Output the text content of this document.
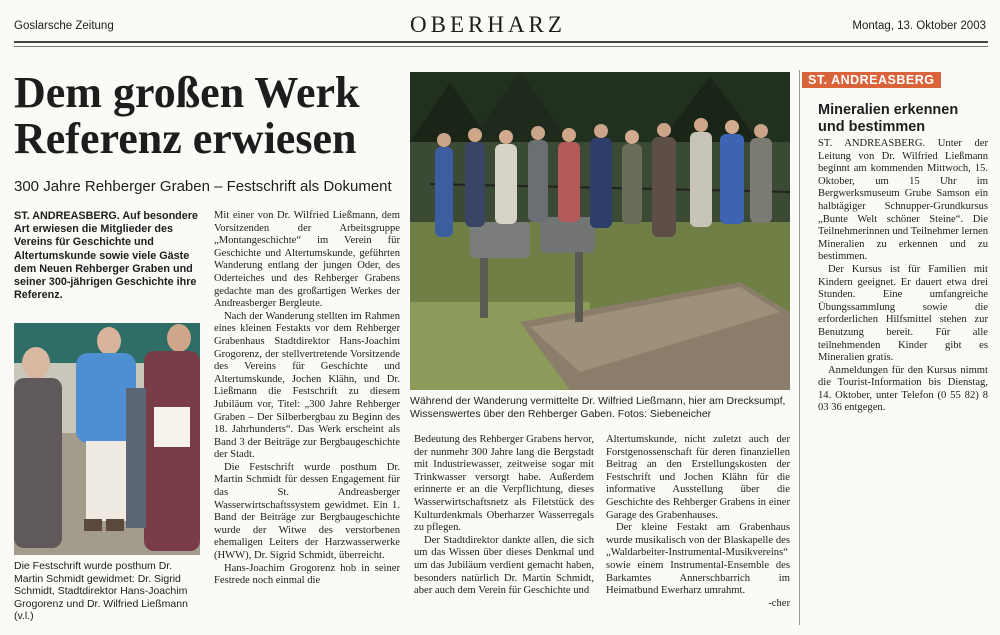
Goslarsche Zeitung	OBERHARZ	Montag, 13. Oktober 2003
Dem großen Werk Referenz erwiesen
300 Jahre Rehberger Graben – Festschrift als Dokument
ST. ANDREASBERG. Auf besondere Art erwiesen die Mitglieder des Vereins für Geschichte und Altertumskunde sowie viele Gäste dem Neuen Rehberger Graben und seiner 300-jährigen Geschichte ihre Referenz.
Die Festschrift wurde posthum Dr. Martin Schmidt gewidmet: Dr. Sigrid Schmidt, Stadtdirektor Hans-Joachim Grogorenz und Dr. Wilfried Ließmann (v.l.)

Mit einer von Dr. Wilfried Ließmann, dem Vorsitzenden der Arbeitsgruppe „Montangeschichte“ im Verein für Geschichte und Altertumskunde, geführten Wanderung entlang der jungen Oder, des Oderteiches und des Rehberger Grabens gedachte man des großartigen Werkes der Andreasberger Bergleute.

Nach der Wanderung stellten im Rahmen eines kleinen Festakts vor dem Rehberger Grabenhaus Stadtdirektor Hans-Joachim Grogorenz, der stellvertretende Vorsitzende des Vereins für Geschichte und Altertumskunde, Jochen Klähn, und Dr. Ließmann die Festschrift zu diesem Jubiläum vor, Titel: „300 Jahre Rehberger Graben – Der Silberbergbau zu Beginn des 18. Jahrhunderts“. Das Werk erscheint als Band 3 der Beiträge zur Bergbaugeschichte der Stadt.

Die Festschrift wurde posthum Dr. Martin Schmidt für dessen Engagement für das St. Andreasberger Wasserwirtschaftssystem gewidmet. Ein 1. Band der Beiträge zur Bergbaugeschichte wurde der Witwe des verstorbenen ehemaligen Leiters der Harzwasserwerke (HWW), Dr. Sigrid Schmidt, überreicht.

Hans-Joachim Grogorenz hob in seiner Festrede noch einmal die

Während der Wanderung vermittelte Dr. Wilfried Ließmann, hier am Drecksumpf, Wissenswertes über den Rehberger Gaben. Fotos: Siebeneicher

Bedeutung des Rehberger Grabens hervor, der nunmehr 300 Jahre lang die Bergstadt mit Industriewasser, zeitweise sogar mit Trinkwasser versorgt habe. Außerdem erinnerte er an die Verpflichtung, dieses Wasserwirtschaftsnetz als Filetstück des Kulturdenkmals Oberharzer Wasserregals zu pflegen.

Der Stadtdirektor dankte allen, die sich um das Wissen über dieses Denkmal und um das Jubiläum verdient gemacht haben, besonders natürlich Dr. Martin Schmidt, aber auch dem Verein für Geschichte und

Altertumskunde, nicht zuletzt auch der Forstgenossenschaft für deren finanziellen Beitrag an den Erstellungskosten der Festschrift und Jochen Klähn für die informative Ausstellung über die Geschichte des Rehberger Grabens in einer Garage des Grabenhauses.

Der kleine Festakt am Grabenhaus wurde musikalisch von der Blaskapelle des „Waldarbeiter-Instrumental-Musikvereins“ sowie einem Instrumental-Ensemble des Barkamtes Annerschbarrich im Heimatbund Ewerharz umrahmt.

-cher
ST. ANDREASBERG
Mineralien erkennen und bestimmen

ST. ANDREASBERG. Unter der Leitung von Dr. Wilfried Ließmann beginnt am kommenden Mittwoch, 15. Oktober, um 15 Uhr im Bergwerksmuseum Grube Samson ein halbtägiger Schnupper-Grundkursus „Bunte Welt schöner Steine“. Die Teilnehmerinnen und Teilnehmer lernen Mineralien zu erkennen und zu bestimmen.

Der Kursus ist für Familien mit Kindern geeignet. Er dauert etwa drei Stunden. Eine umfangreiche Übungssammlung sowie die erforderlichen Hilfsmittel stehen zur Benutzung bereit. Für alle teilnehmenden Kinder gibt es Mineralien gratis.

Anmeldungen für den Kursus nimmt die Tourist-Information bis Dienstag, 14. Oktober, unter Telefon (0 55 82) 8 03 36 entgegen.
